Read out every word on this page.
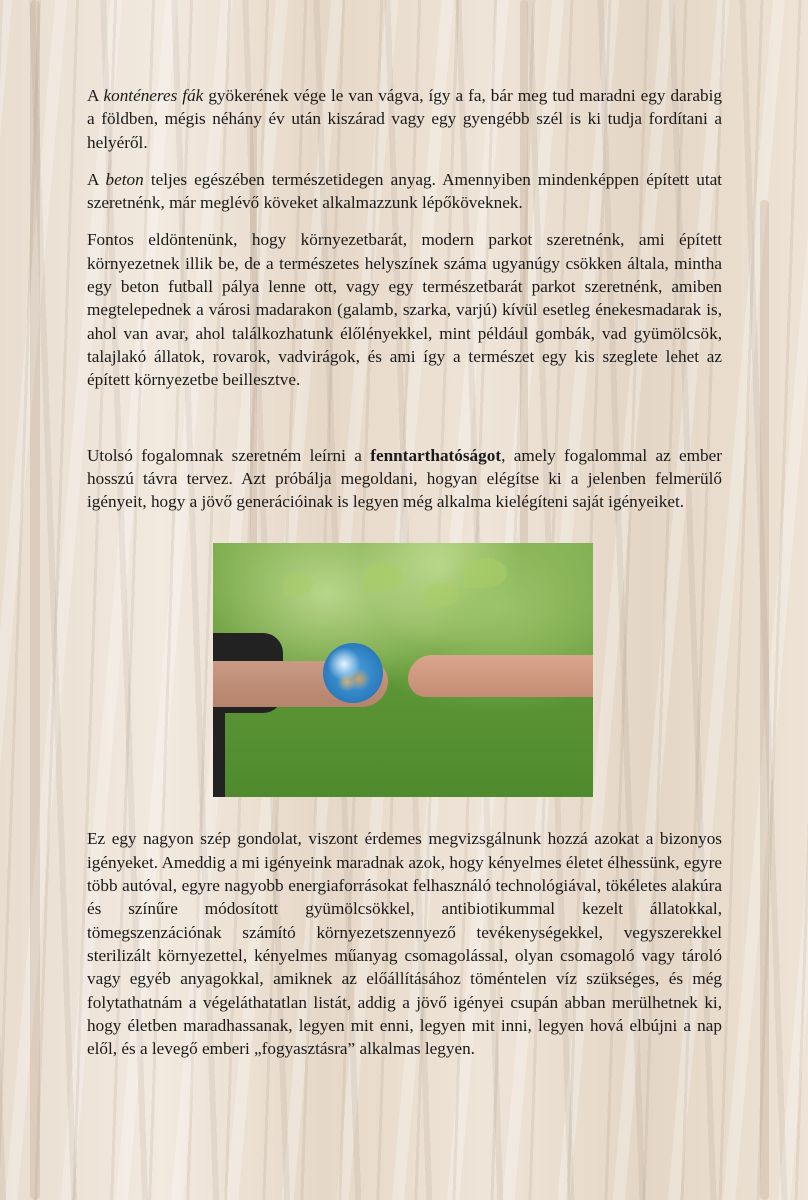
A konténeres fák gyökerének vége le van vágva, így a fa, bár meg tud maradni egy darabig a földben, mégis néhány év után kiszárad vagy egy gyengébb szél is ki tudja fordítani a helyéről.

A beton teljes egészében természetidegen anyag. Amennyiben mindenképpen épített utat szeretnénk, már meglévő köveket alkalmazzunk lépőköveknek.

Fontos eldöntenünk, hogy környezetbarát, modern parkot szeretnénk, ami épített környezetnek illik be, de a természetes helyszínek száma ugyanúgy csökken általa, mintha egy beton futball pálya lenne ott, vagy egy természetbarát parkot szeretnénk, amiben megtelepednek a városi madarakon (galamb, szarka, varjú) kívül esetleg énekesmadarak is, ahol van avar, ahol találkozhatunk élőlényekkel, mint például gombák, vad gyümölcsök, talajlakó állatok, rovarok, vadvirágok, és ami így a természet egy kis szeglete lehet az épített környezetbe beillesztve.

Utolsó fogalomnak szeretném leírni a fenntarthatóságot, amely fogalommal az ember hosszú távra tervez. Azt próbálja megoldani, hogyan elégítse ki a jelenben felmerülő igényeit, hogy a jövő generációinak is legyen még alkalma kielégíteni saját igényeiket.

Ez egy nagyon szép gondolat, viszont érdemes megvizsgálnunk hozzá azokat a bizonyos igényeket. Ameddig a mi igényeink maradnak azok, hogy kényelmes életet élhessünk, egyre több autóval, egyre nagyobb energiaforrásokat felhasználó technológiával, tökéletes alakúra és színűre módosított gyümölcsökkel, antibiotikummal kezelt állatokkal, tömegszenzációnak számító környezetszennyező tevékenységekkel, vegyszerekkel sterilizált környezettel, kényelmes műanyag csomagolással, olyan csomagoló vagy tároló vagy egyéb anyagokkal, amiknek az előállításához töméntelen víz szükséges, és még folytathatnám a végeláthatatlan listát, addig a jövő igényei csupán abban merülhetnek ki, hogy életben maradhassanak, legyen mit enni, legyen mit inni, legyen hová elbújni a nap elől, és a levegő emberi „fogyasztásra” alkalmas legyen.
